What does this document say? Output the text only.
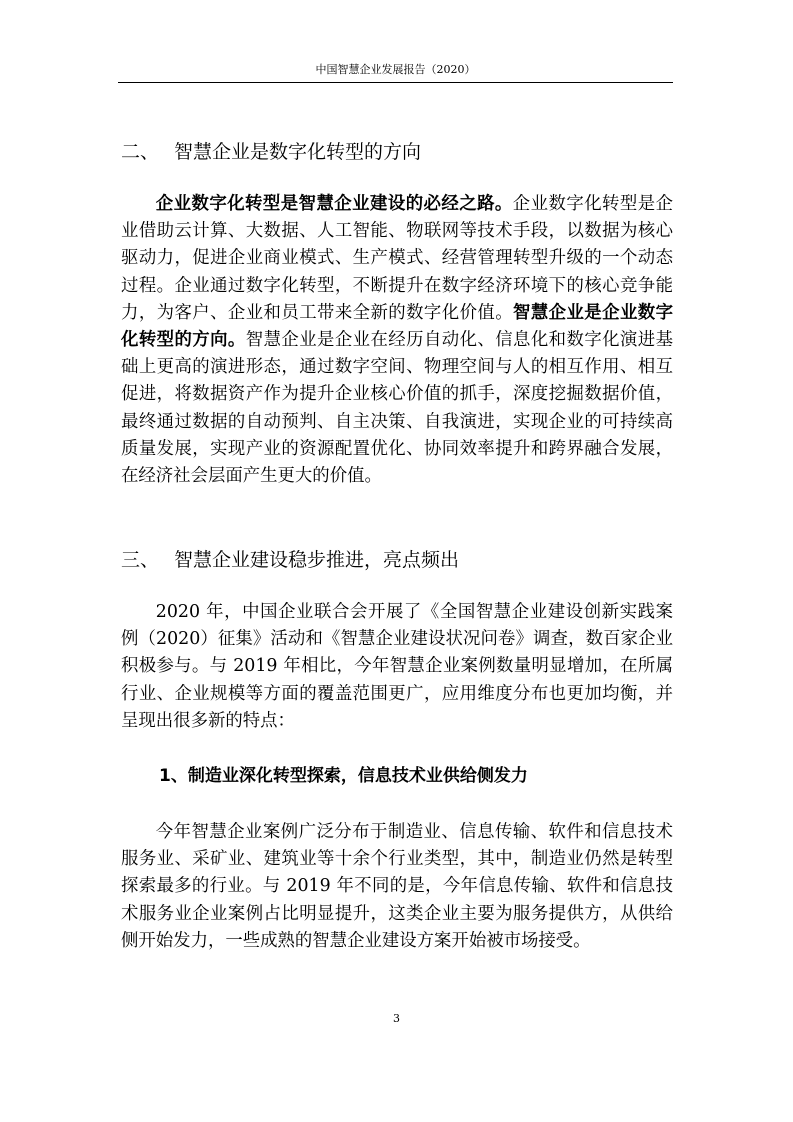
中国智慧企业发展报告（2020）
二、 智慧企业是数字化转型的方向

企业数字化转型是智慧企业建设的必经之路。企业数字化转型是企业借助云计算、大数据、人工智能、物联网等技术手段，以数据为核心驱动力，促进企业商业模式、生产模式、经营管理转型升级的一个动态过程。企业通过数字化转型，不断提升在数字经济环境下的核心竞争能力，为客户、企业和员工带来全新的数字化价值。智慧企业是企业数字化转型的方向。智慧企业是企业在经历自动化、信息化和数字化演进基础上更高的演进形态，通过数字空间、物理空间与人的相互作用、相互促进，将数据资产作为提升企业核心价值的抓手，深度挖掘数据价值，最终通过数据的自动预判、自主决策、自我演进，实现企业的可持续高质量发展，实现产业的资源配置优化、协同效率提升和跨界融合发展，在经济社会层面产生更大的价值。

三、 智慧企业建设稳步推进，亮点频出

2020 年，中国企业联合会开展了《全国智慧企业建设创新实践案例（2020）征集》活动和《智慧企业建设状况问卷》调查，数百家企业积极参与。与 2019 年相比，今年智慧企业案例数量明显增加，在所属行业、企业规模等方面的覆盖范围更广，应用维度分布也更加均衡，并呈现出很多新的特点：

1、制造业深化转型探索，信息技术业供给侧发力

今年智慧企业案例广泛分布于制造业、信息传输、软件和信息技术服务业、采矿业、建筑业等十余个行业类型，其中，制造业仍然是转型探索最多的行业。与 2019 年不同的是，今年信息传输、软件和信息技术服务业企业案例占比明显提升，这类企业主要为服务提供方，从供给侧开始发力，一些成熟的智慧企业建设方案开始被市场接受。

3
